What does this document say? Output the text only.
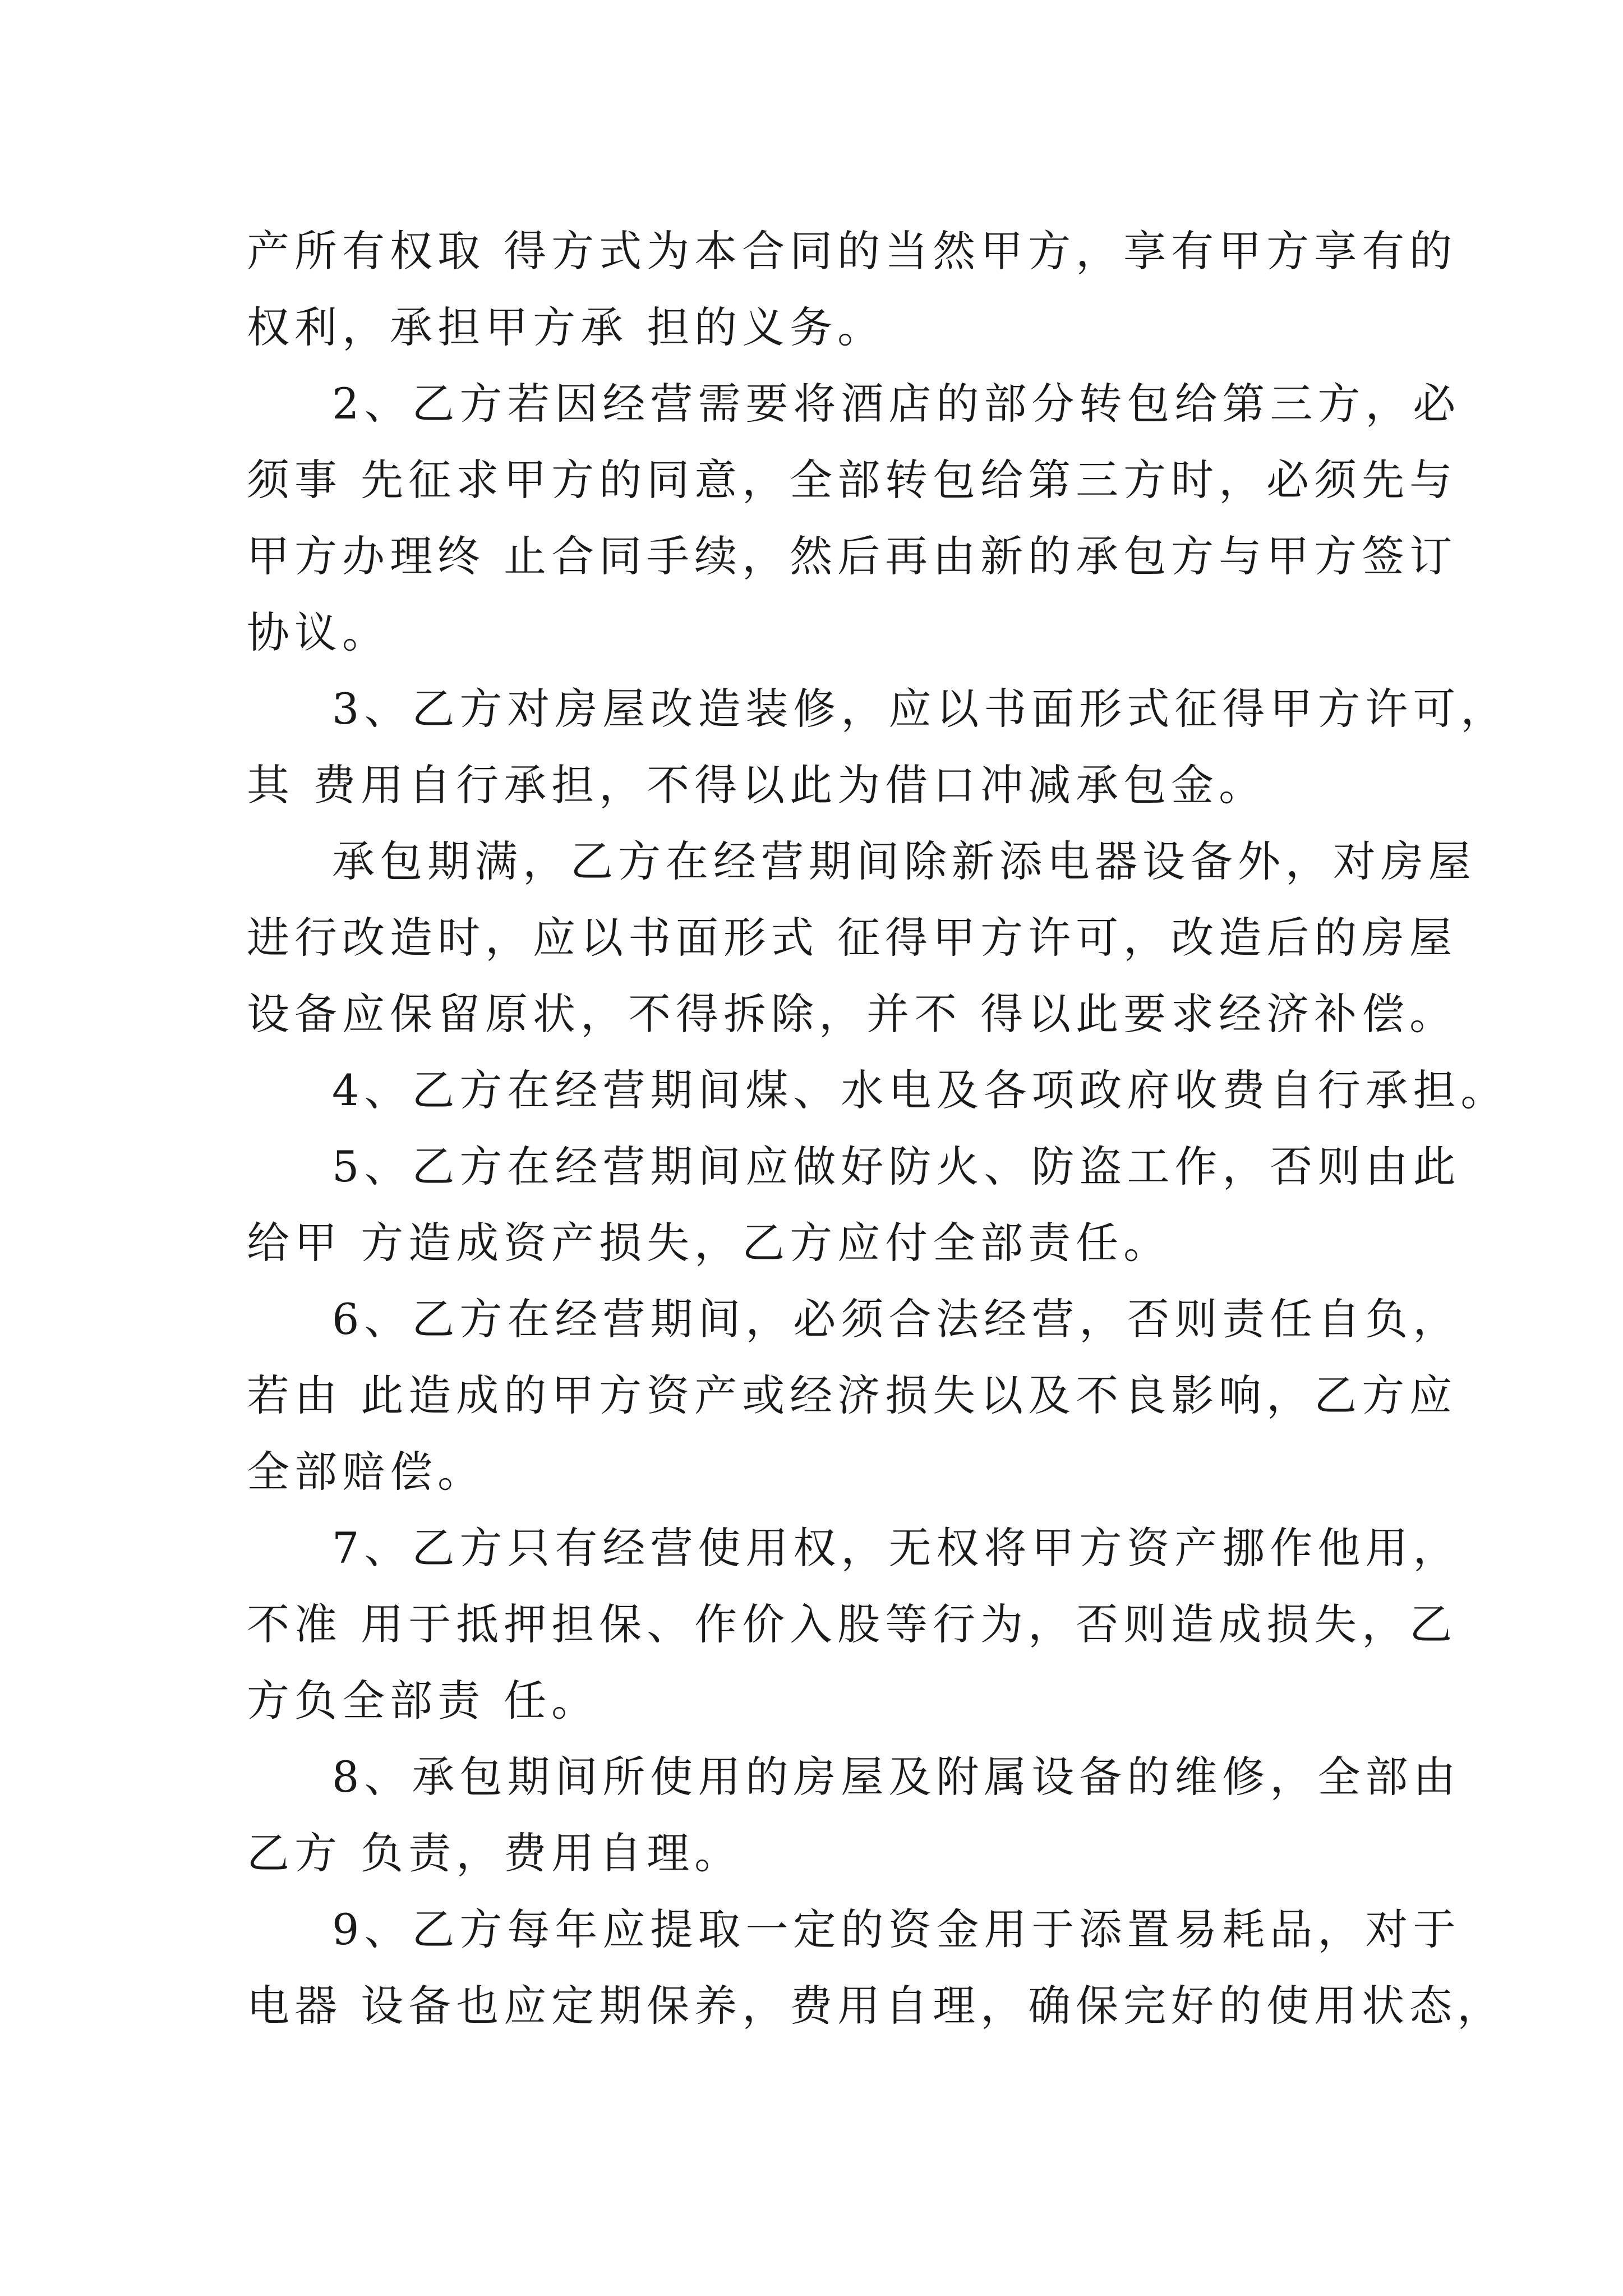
产所有权取 得方式为本合同的当然甲方，享有甲方享有的
权利，承担甲方承 担的义务。
2、乙方若因经营需要将酒店的部分转包给第三方，必
须事 先征求甲方的同意，全部转包给第三方时，必须先与
甲方办理终 止合同手续，然后再由新的承包方与甲方签订
协议。
3、乙方对房屋改造装修，应以书面形式征得甲方许可，
其 费用自行承担，不得以此为借口冲减承包金。
承包期满，乙方在经营期间除新添电器设备外，对房屋
进行改造时，应以书面形式 征得甲方许可，改造后的房屋
设备应保留原状，不得拆除，并不 得以此要求经济补偿。
4、乙方在经营期间煤、水电及各项政府收费自行承担。
5、乙方在经营期间应做好防火、防盗工作，否则由此
给甲 方造成资产损失，乙方应付全部责任。
6、乙方在经营期间，必须合法经营，否则责任自负，
若由 此造成的甲方资产或经济损失以及不良影响，乙方应
全部赔偿。
7、乙方只有经营使用权，无权将甲方资产挪作他用，
不准 用于抵押担保、作价入股等行为，否则造成损失，乙
方负全部责 任。
8、承包期间所使用的房屋及附属设备的维修，全部由
乙方 负责，费用自理。
9、乙方每年应提取一定的资金用于添置易耗品，对于
电器 设备也应定期保养，费用自理，确保完好的使用状态，
